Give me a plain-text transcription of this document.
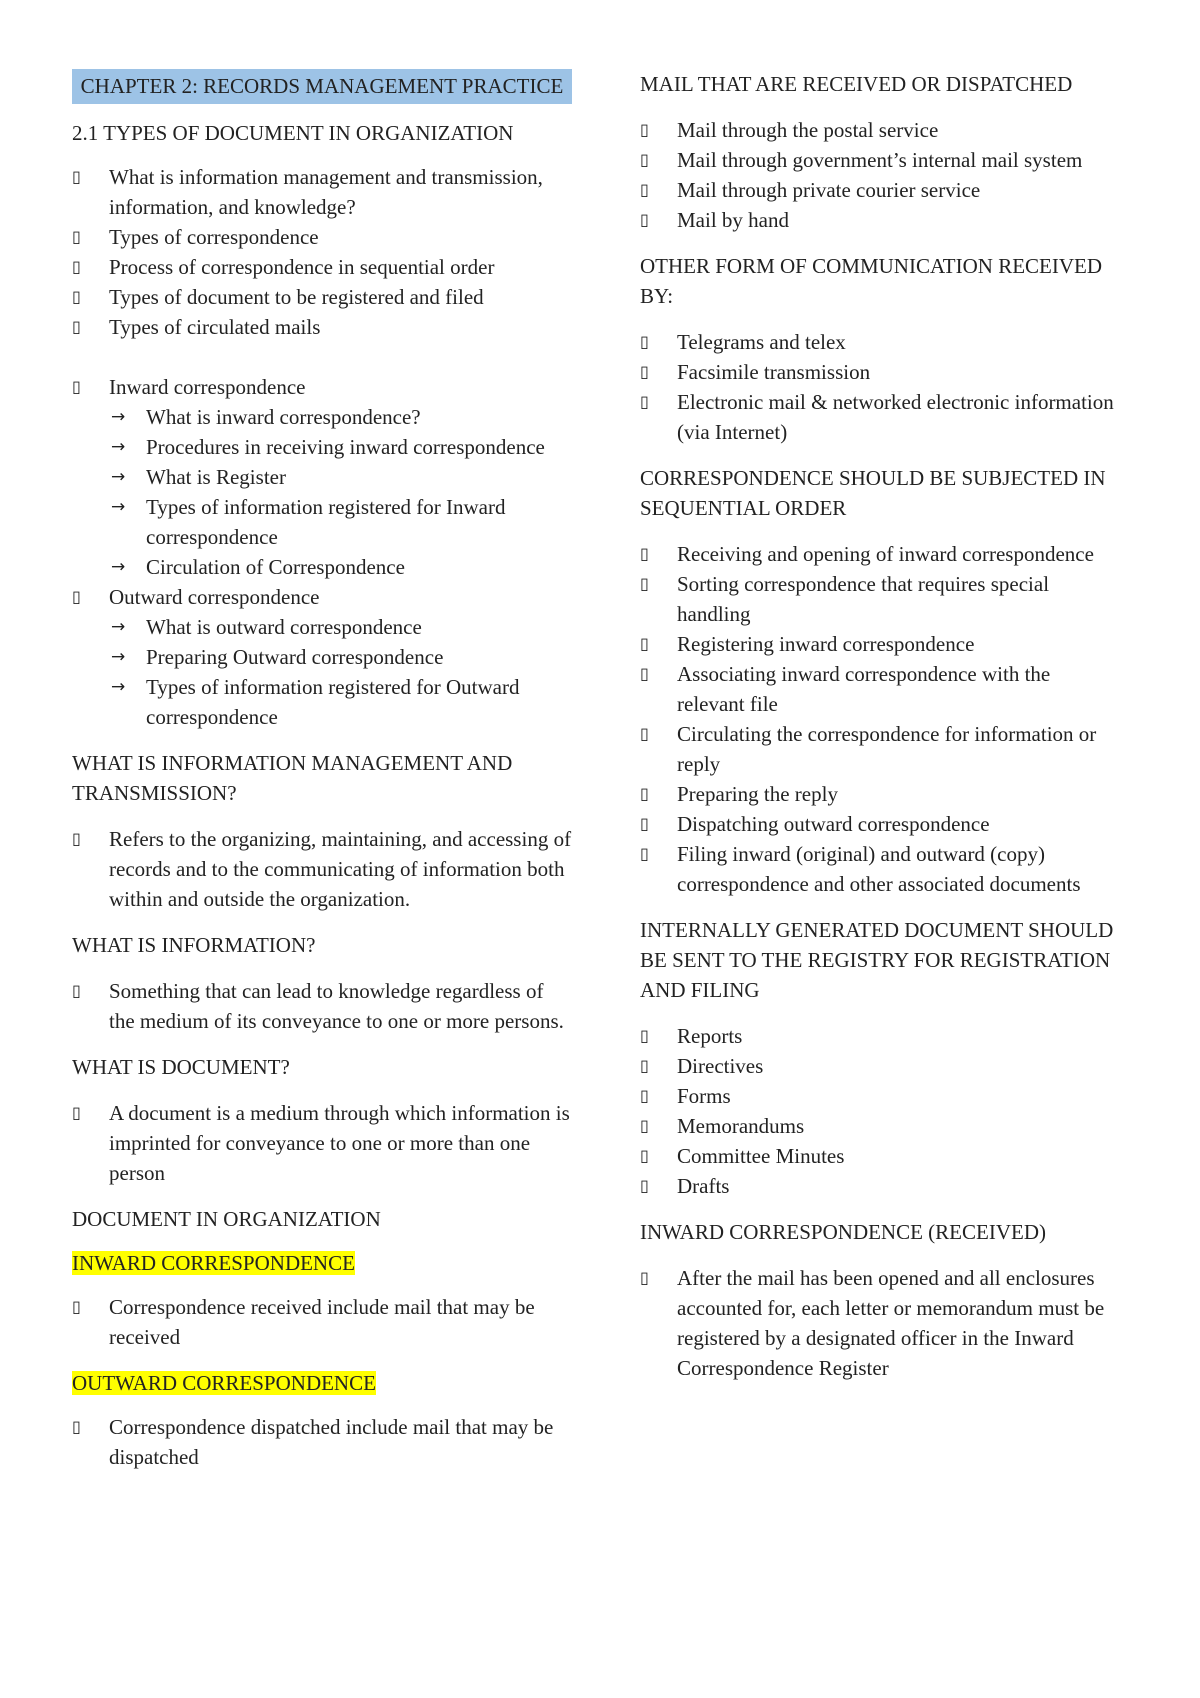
CHAPTER 2: RECORDS MANAGEMENT PRACTICE
2.1 TYPES OF DOCUMENT IN ORGANIZATION
▯ What is information management and transmission, information, and knowledge?
▯ Types of correspondence
▯ Process of correspondence in sequential order
▯ Types of document to be registered and filed
▯ Types of circulated mails
▯ Inward correspondence
→ What is inward correspondence?
→ Procedures in receiving inward correspondence
→ What is Register
→ Types of information registered for Inward correspondence
→ Circulation of Correspondence
▯ Outward correspondence
→ What is outward correspondence
→ Preparing Outward correspondence
→ Types of information registered for Outward correspondence
WHAT IS INFORMATION MANAGEMENT AND TRANSMISSION?
▯ Refers to the organizing, maintaining, and accessing of records and to the communicating of information both within and outside the organization.
WHAT IS INFORMATION?
▯ Something that can lead to knowledge regardless of the medium of its conveyance to one or more persons.
WHAT IS DOCUMENT?
▯ A document is a medium through which information is imprinted for conveyance to one or more than one person
DOCUMENT IN ORGANIZATION
INWARD CORRESPONDENCE
▯ Correspondence received include mail that may be received
OUTWARD CORRESPONDENCE
▯ Correspondence dispatched include mail that may be dispatched
MAIL THAT ARE RECEIVED OR DISPATCHED
▯ Mail through the postal service
▯ Mail through government’s internal mail system
▯ Mail through private courier service
▯ Mail by hand
OTHER FORM OF COMMUNICATION RECEIVED BY:
▯ Telegrams and telex
▯ Facsimile transmission
▯ Electronic mail & networked electronic information (via Internet)
CORRESPONDENCE SHOULD BE SUBJECTED IN SEQUENTIAL ORDER
▯ Receiving and opening of inward correspondence
▯ Sorting correspondence that requires special handling
▯ Registering inward correspondence
▯ Associating inward correspondence with the relevant file
▯ Circulating the correspondence for information or reply
▯ Preparing the reply
▯ Dispatching outward correspondence
▯ Filing inward (original) and outward (copy) correspondence and other associated documents
INTERNALLY GENERATED DOCUMENT SHOULD BE SENT TO THE REGISTRY FOR REGISTRATION AND FILING
▯ Reports
▯ Directives
▯ Forms
▯ Memorandums
▯ Committee Minutes
▯ Drafts
INWARD CORRESPONDENCE (RECEIVED)
▯ After the mail has been opened and all enclosures accounted for, each letter or memorandum must be registered by a designated officer in the Inward Correspondence Register
